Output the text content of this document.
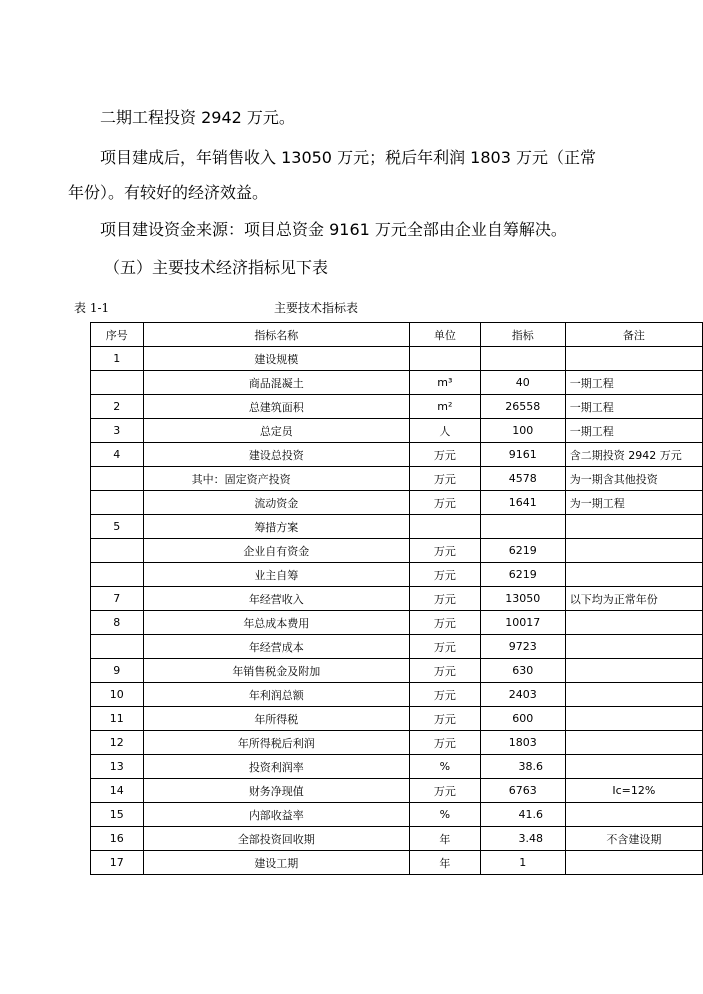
二期工程投资 2942 万元。
项目建成后，年销售收入 13050 万元；税后年利润 1803 万元（正常
年份）。有较好的经济效益。
项目建设资金来源：项目总资金 9161 万元全部由企业自筹解决。
（五）主要技术经济指标见下表
表 1-1	主要技术指标表
序号	指标名称	单位	指标	备注
1	建设规模			
	商品混凝土	m³	40	一期工程
2	总建筑面积	m²	26558	一期工程
3	总定员	人	100	一期工程
4	建设总投资	万元	9161	含二期投资 2942 万元
	其中：固定资产投资	万元	4578	为一期含其他投资
	流动资金	万元	1641	为一期工程
5	筹措方案			
	企业自有资金	万元	6219	
	业主自筹	万元	6219	
7	年经营收入	万元	13050	以下均为正常年份
8	年总成本费用	万元	10017	
	年经营成本	万元	9723	
9	年销售税金及附加	万元	630	
10	年利润总额	万元	2403	
11	年所得税	万元	600	
12	年所得税后利润	万元	1803	
13	投资利润率	%	38.6	
14	财务净现值	万元	6763	Ic=12%
15	内部收益率	%	41.6	
16	全部投资回收期	年	3.48	不含建设期
17	建设工期	年	1	
